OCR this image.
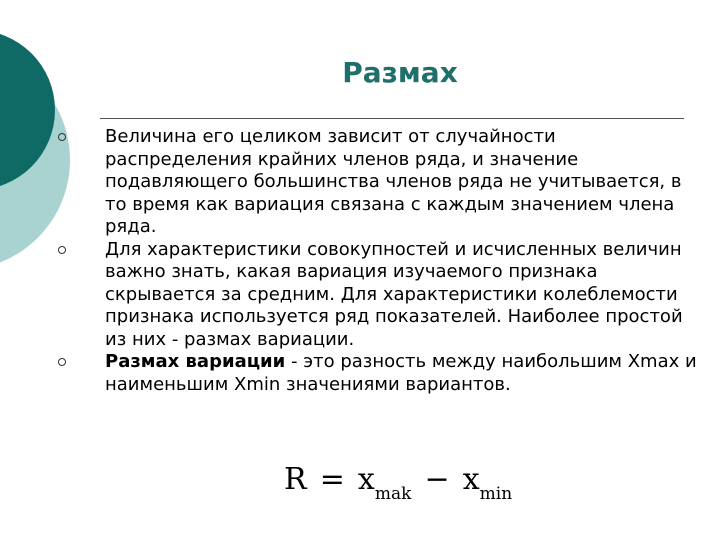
Размах
Величина его целиком зависит от случайности распределения крайних членов ряда, и значение подавляющего большинства членов ряда не учитывается, в то время как вариация связана с каждым значением члена ряда.
Для характеристики совокупностей и исчисленных величин важно знать, какая вариация изучаемого признака скрывается за средним. Для характеристики колеблемости признака используется ряд показателей. Наиболее простой из них - размах вариации.
Размах вариации - это разность между наибольшим Xmax и наименьшим Xmin значениями вариантов.
R = xmak − xmin
